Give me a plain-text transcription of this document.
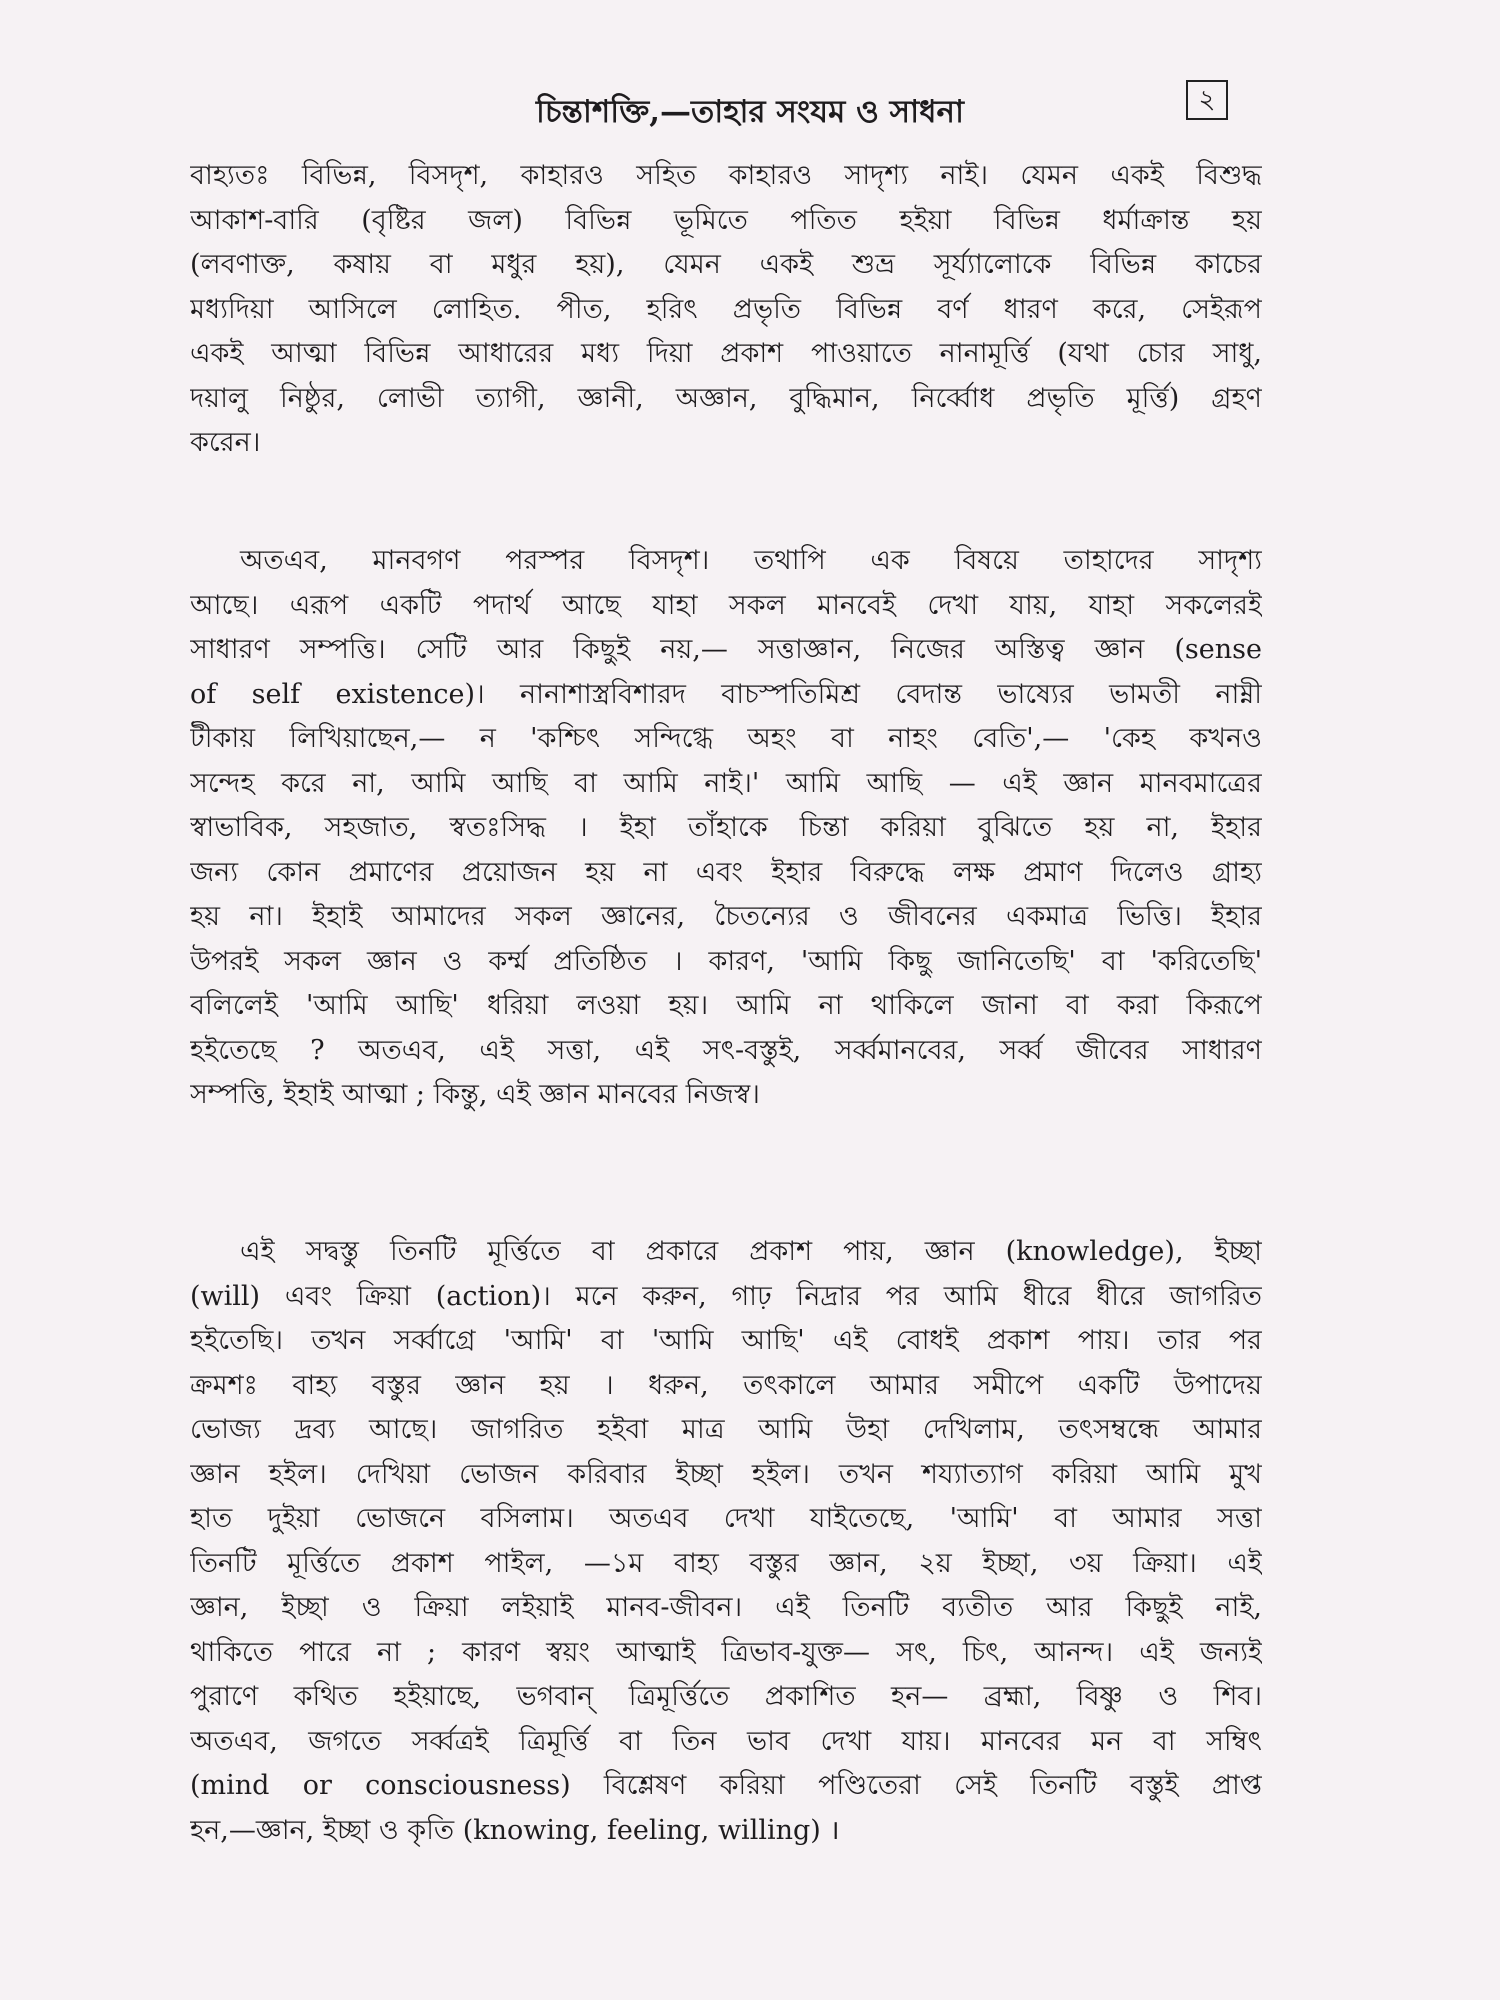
চিন্তাশক্তি,—তাহার সংযম ও সাধনা	২
বাহ্যতঃ বিভিন্ন, বিসদৃশ, কাহারও সহিত কাহারও সাদৃশ্য নাই। যেমন একই বিশুদ্ধ
আকাশ-বারি (বৃষ্টির জল) বিভিন্ন ভূমিতে পতিত হইয়া বিভিন্ন ধর্মাক্রান্ত হয়
(লবণাক্ত, কষায় বা মধুর হয়), যেমন একই শুভ্র সূর্য্যালোকে বিভিন্ন কাচের
মধ্যদিয়া আসিলে লোহিত. পীত, হরিৎ প্রভৃতি বিভিন্ন বর্ণ ধারণ করে, সেইরূপ
একই আত্মা বিভিন্ন আধারের মধ্য দিয়া প্রকাশ পাওয়াতে নানামূর্ত্তি (যথা চোর সাধু,
দয়ালু নিষ্ঠুর, লোভী ত্যাগী, জ্ঞানী, অজ্ঞান, বুদ্ধিমান, নির্ব্বোধ প্রভৃতি মূর্ত্তি) গ্রহণ
করেন।
অতএব, মানবগণ পরস্পর বিসদৃশ। তথাপি এক বিষয়ে তাহাদের সাদৃশ্য
আছে। এরূপ একটি পদার্থ আছে যাহা সকল মানবেই দেখা যায়, যাহা সকলেরই
সাধারণ সম্পত্তি। সেটি আর কিছুই নয়,— সত্তাজ্ঞান, নিজের অস্তিত্ব জ্ঞান (sense
of self existence)। নানাশাস্ত্রবিশারদ বাচস্পতিমিশ্র বেদান্ত ভাষ্যের ভামতী নাম্নী
টীকায় লিখিয়াছেন,— ন 'কশ্চিৎ সন্দিগ্ধে অহং বা নাহং বেতি',— 'কেহ কখনও
সন্দেহ করে না, আমি আছি বা আমি নাই।' আমি আছি — এই জ্ঞান মানবমাত্রের
স্বাভাবিক, সহজাত, স্বতঃসিদ্ধ । ইহা তাঁহাকে চিন্তা করিয়া বুঝিতে হয় না, ইহার
জন্য কোন প্রমাণের প্রয়োজন হয় না এবং ইহার বিরুদ্ধে লক্ষ প্রমাণ দিলেও গ্রাহ্য
হয় না। ইহাই আমাদের সকল জ্ঞানের, চৈতন্যের ও জীবনের একমাত্র ভিত্তি। ইহার
উপরই সকল জ্ঞান ও কর্ম্ম প্রতিষ্ঠিত । কারণ, 'আমি কিছু জানিতেছি' বা 'করিতেছি'
বলিলেই 'আমি আছি' ধরিয়া লওয়া হয়। আমি না থাকিলে জানা বা করা কিরূপে
হইতেছে ? অতএব, এই সত্তা, এই সৎ-বস্তুই, সর্ব্বমানবের, সর্ব্ব জীবের সাধারণ
সম্পত্তি, ইহাই আত্মা ; কিন্তু, এই জ্ঞান মানবের নিজস্ব।
এই সদ্বস্তু তিনটি মূর্ত্তিতে বা প্রকারে প্রকাশ পায়, জ্ঞান (knowledge), ইচ্ছা
(will) এবং ক্রিয়া (action)। মনে করুন, গাঢ় নিদ্রার পর আমি ধীরে ধীরে জাগরিত
হইতেছি। তখন সর্ব্বাগ্রে 'আমি' বা 'আমি আছি' এই বোধই প্রকাশ পায়। তার পর
ক্রমশঃ বাহ্য বস্তুর জ্ঞান হয় । ধরুন, তৎকালে আমার সমীপে একটি উপাদেয়
ভোজ্য দ্রব্য আছে। জাগরিত হইবা মাত্র আমি উহা দেখিলাম, তৎসম্বন্ধে আমার
জ্ঞান হইল। দেখিয়া ভোজন করিবার ইচ্ছা হইল। তখন শয্যাত্যাগ করিয়া আমি মুখ
হাত দুইয়া ভোজনে বসিলাম। অতএব দেখা যাইতেছে, 'আমি' বা আমার সত্তা
তিনটি মূর্ত্তিতে প্রকাশ পাইল, —১ম বাহ্য বস্তুর জ্ঞান, ২য় ইচ্ছা, ৩য় ক্রিয়া। এই
জ্ঞান, ইচ্ছা ও ক্রিয়া লইয়াই মানব-জীবন। এই তিনটি ব্যতীত আর কিছুই নাই,
থাকিতে পারে না ; কারণ স্বয়ং আত্মাই ত্রিভাব-যুক্ত— সৎ, চিৎ, আনন্দ। এই জন্যই
পুরাণে কথিত হইয়াছে, ভগবান্ ত্রিমূর্ত্তিতে প্রকাশিত হন— ব্রহ্মা, বিষ্ণু ও শিব।
অতএব, জগতে সর্ব্বত্রই ত্রিমূর্ত্তি বা তিন ভাব দেখা যায়। মানবের মন বা সম্বিৎ
(mind or consciousness) বিশ্লেষণ করিয়া পণ্ডিতেরা সেই তিনটি বস্তুই প্রাপ্ত
হন,—জ্ঞান, ইচ্ছা ও কৃতি (knowing, feeling, willing) ।
